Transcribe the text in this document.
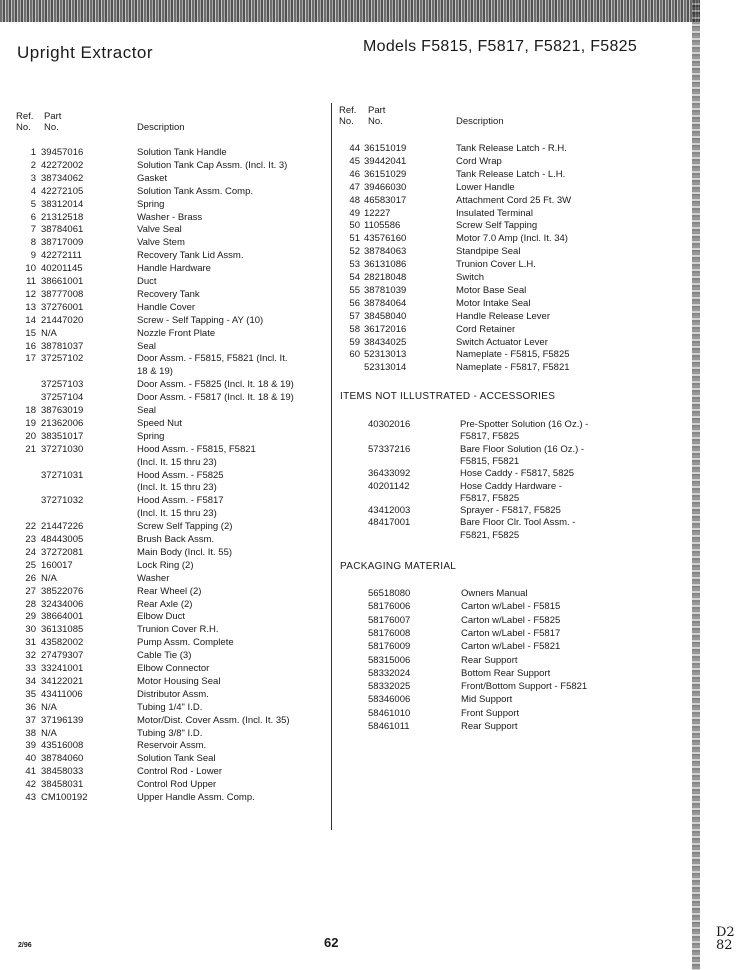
Upright Extractor	Models F5815, F5817, F5821, F5825
Ref.
No.
Part
No.	Description
Ref.
No.
Part
No.	Description
1 39457016	Solution Tank Handle
2 42272002	Solution Tank Cap Assm. (Incl. It. 3)
3 38734062	Gasket
4 42272105	Solution Tank Assm. Comp.
5 38312014	Spring
6 21312518	Washer - Brass
7 38784061	Valve Seal
8 38717009	Valve Stem
9 42272111	Recovery Tank Lid Assm.
10 40201145	Handle Hardware
11 38661001	Duct
12 38777008	Recovery Tank
13 37276001	Handle Cover
14 21447020	Screw - Self Tapping - AY (10)
15 N/A	Nozzle Front Plate
16 38781037	Seal
17 37257102	Door Assm. - F5815, F5821 (Incl. It.
18 & 19)
37257103	Door Assm. - F5825 (Incl. It. 18 & 19)
37257104	Door Assm. - F5817 (Incl. It. 18 & 19)
18 38763019	Seal
19 21362006	Speed Nut
20 38351017	Spring
21 37271030	Hood Assm. - F5815, F5821
(Incl. It. 15 thru 23)
37271031	Hood Assm. - F5825
(Incl. It. 15 thru 23)
37271032	Hood Assm. - F5817
(Incl. It. 15 thru 23)
22 21447226	Screw Self Tapping (2)
23 48443005	Brush Back Assm.
24 37272081	Main Body (Incl. It. 55)
25 160017	Lock Ring (2)
26 N/A	Washer
27 38522076	Rear Wheel (2)
28 32434006	Rear Axle (2)
29 38664001	Elbow Duct
30 36131085	Trunion Cover R.H.
31 43582002	Pump Assm. Complete
32 27479307	Cable Tie (3)
33 33241001	Elbow Connector
34 34122021	Motor Housing Seal
35 43411006	Distributor Assm.
36 N/A	Tubing 1/4" I.D.
37 37196139	Motor/Dist. Cover Assm. (Incl. It. 35)
38 N/A	Tubing 3/8" I.D.
39 43516008	Reservoir Assm.
40 38784060	Solution Tank Seal
41 38458033	Control Rod - Lower
42 38458031	Control Rod Upper
43 CM100192	Upper Handle Assm. Comp.
44 36151019	Tank Release Latch - R.H.
45 39442041	Cord Wrap
46 36151029	Tank Release Latch - L.H.
47 39466030	Lower Handle
48 46583017	Attachment Cord 25 Ft. 3W
49 12227	Insulated Terminal
50 1105586	Screw Self Tapping
51 43576160	Motor 7.0 Amp (Incl. It. 34)
52 38784063	Standpipe Seal
53 36131086	Trunion Cover L.H.
54 28218048	Switch
55 38781039	Motor Base Seal
56 38784064	Motor Intake Seal
57 38458040	Handle Release Lever
58 36172016	Cord Retainer
59 38434025	Switch Actuator Lever
60 52313013	Nameplate - F5815, F5825
52313014	Nameplate - F5817, F5821
ITEMS NOT ILLUSTRATED - ACCESSORIES
40302016	Pre-Spotter Solution (16 Oz.) -
F5817, F5825
57337216	Bare Floor Solution (16 Oz.) -
F5815, F5821
36433092	Hose Caddy - F5817, 5825
40201142	Hose Caddy Hardware -
F5817, F5825
43412003	Sprayer - F5817, F5825
48417001	Bare Floor Clr. Tool Assm. -
F5821, F5825
PACKAGING MATERIAL
56518080	Owners Manual
58176006	Carton w/Label - F5815
58176007	Carton w/Label - F5825
58176008	Carton w/Label - F5817
58176009	Carton w/Label - F5821
58315006	Rear Support
58332024	Bottom Rear Support
58332025	Front/Bottom Support - F5821
58346006	Mid Support
58461010	Front Support
58461011	Rear Support
2/96	62
D2
82
